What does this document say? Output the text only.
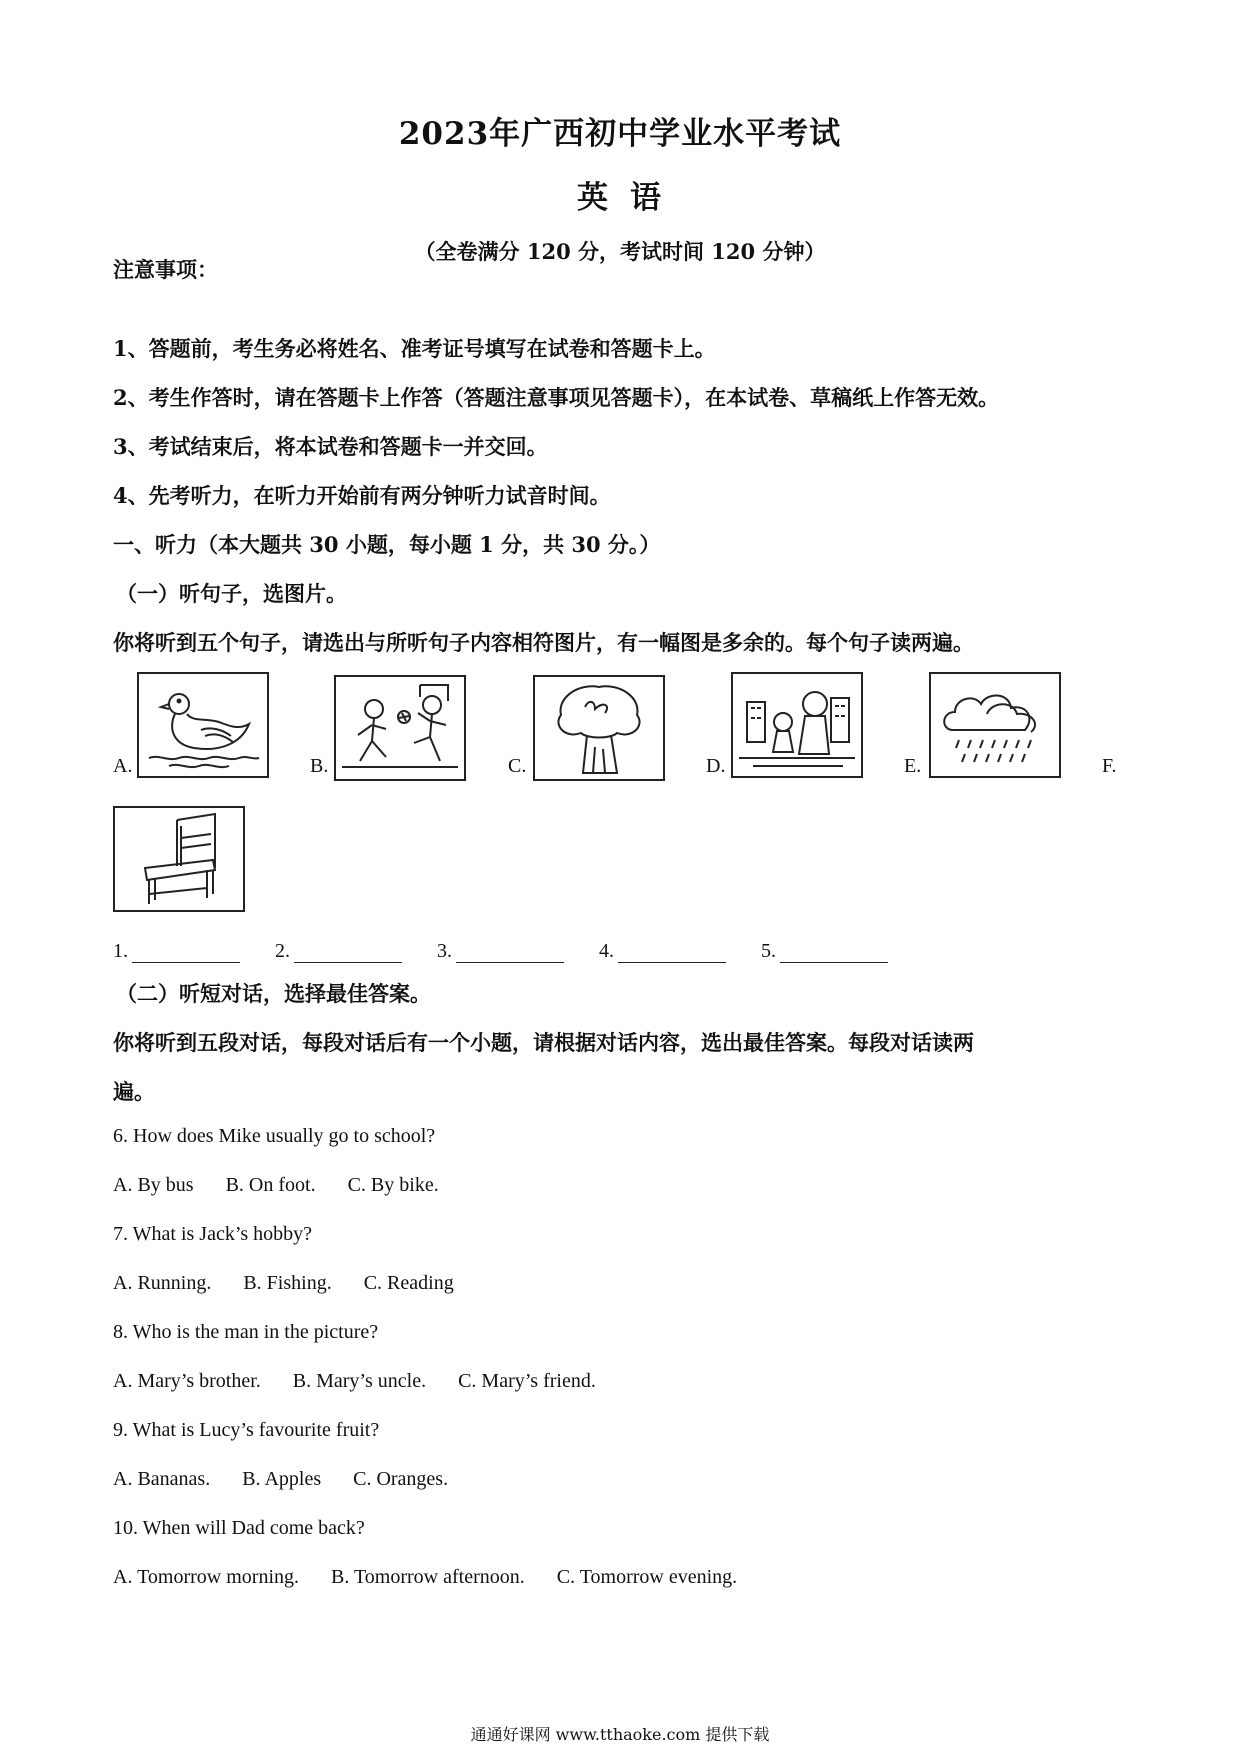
2023年广西初中学业水平考试
英语
（全卷满分 120 分，考试时间 120 分钟）
注意事项：
1、答题前，考生务必将姓名、准考证号填写在试卷和答题卡上。
2、考生作答时，请在答题卡上作答（答题注意事项见答题卡），在本试卷、草稿纸上作答无效。
3、考试结束后，将本试卷和答题卡一并交回。
4、先考听力，在听力开始前有两分钟听力试音时间。
一、听力（本大题共 30 小题，每小题 1 分，共 30 分。）
（一）听句子，选图片。
你将听到五个句子，请选出与所听句子内容相符图片，有一幅图是多余的。每个句子读两遍。
A.	B.	C.	D.	E.	F.
1.	2.	3.	4.	5.
（二）听短对话，选择最佳答案。
你将听到五段对话，每段对话后有一个小题，请根据对话内容，选出最佳答案。每段对话读两
遍。
6. How does Mike usually go to school?
A. By bus B. On foot. C. By bike.
7. What is Jack’s hobby?
A. Running. B. Fishing. C. Reading
8. Who is the man in the picture?
A. Mary’s brother. B. Mary’s uncle. C. Mary’s friend.
9. What is Lucy’s favourite fruit?
A. Bananas. B. Apples C. Oranges.
10. When will Dad come back?
A. Tomorrow morning. B. Tomorrow afternoon. C. Tomorrow evening.
通通好课网 www.tthaoke.com 提供下载
